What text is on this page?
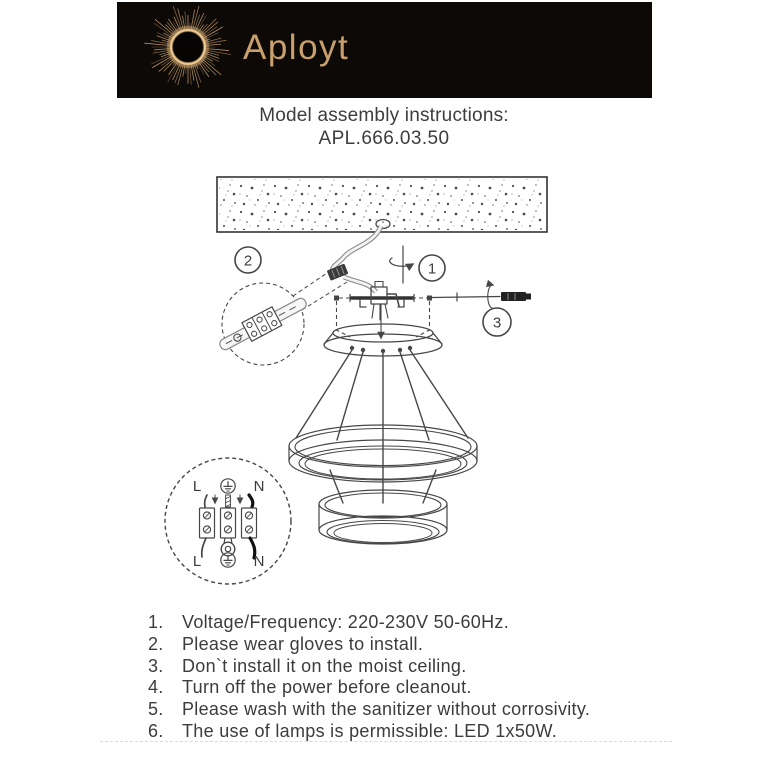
Aployt
Model assembly instructions:
APL.666.03.50
2	1
3
L	N
L	N
1.	Voltage/Frequency: 220-230V 50-60Hz.
2.	Please wear gloves to install.
3.	Don`t install it on the moist ceiling.
4.	Turn off the power before cleanout.
5.	Please wash with the sanitizer without corrosivity.
6.	The use of lamps is permissible: LED 1x50W.
